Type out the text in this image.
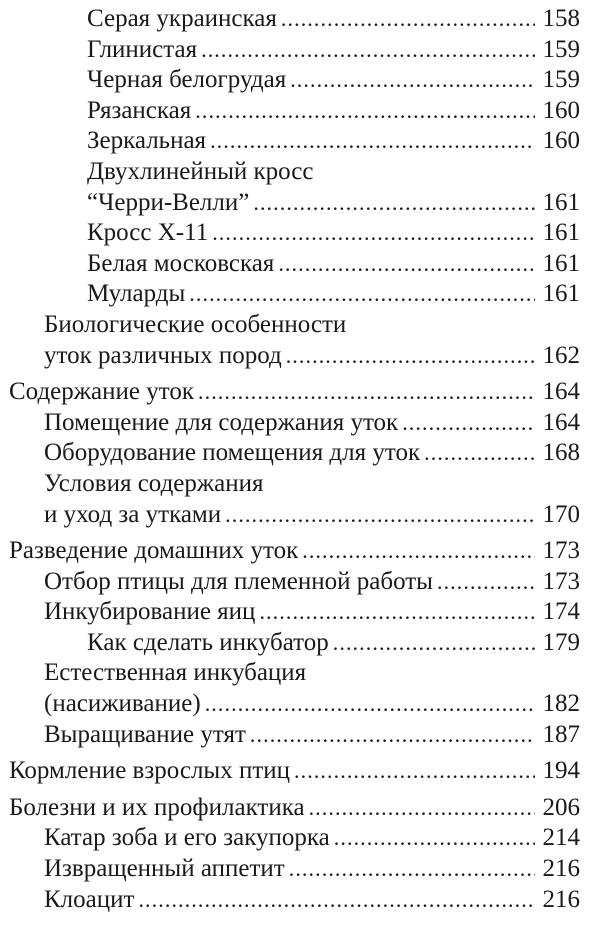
Серая украинская . . .	158
Глинистая . . .	159
Черная белогрудая . . .	159
Рязанская . . .	160
Зеркальная . . .	160
Двухлинейный кросс
“Черри-Велли” . . .	161
Кросс X-11 . . .	161
Белая московская . . .	161
Муларды . . .	161
Биологические особенности
уток различных пород . . .	162
Содержание уток . . .	164
Помещение для содержания уток . . .	164
Оборудование помещения для уток . . .	168
Условия содержания
и уход за утками . . .	170
Разведение домашних уток . . .	173
Отбор птицы для племенной работы . . .	173
Инкубирование яиц . . .	174
Как сделать инкубатор . . .	179
Естественная инкубация
(насиживание) . . .	182
Выращивание утят . . .	187
Кормление взрослых птиц . . .	194
Болезни и их профилактика . . .	206
Катар зоба и его закупорка . . .	214
Извращенный аппетит . . .	216
Клоацит . . .	216
